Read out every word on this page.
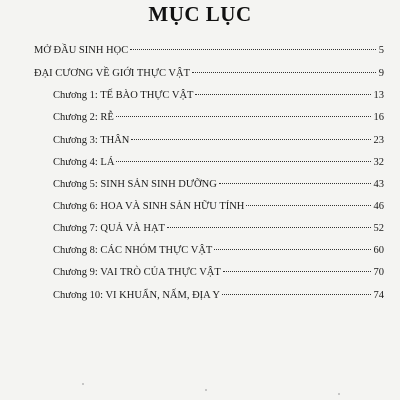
MỤC LỤC
MỞ ĐẦU SINH HỌC	5
ĐẠI CƯƠNG VỀ GIỚI THỰC VẬT	9
Chương 1: TẾ BÀO THỰC VẬT	13
Chương 2: RỄ	16
Chương 3: THÂN	23
Chương 4: LÁ	32
Chương 5: SINH SẢN SINH DƯỠNG	43
Chương 6: HOA VÀ SINH SẢN HỮU TÍNH	46
Chương 7: QUẢ VÀ HẠT	52
Chương 8: CÁC NHÓM THỰC VẬT	60
Chương 9: VAI TRÒ CỦA THỰC VẬT	70
Chương 10: VI KHUẨN, NẤM, ĐỊA Y	74
